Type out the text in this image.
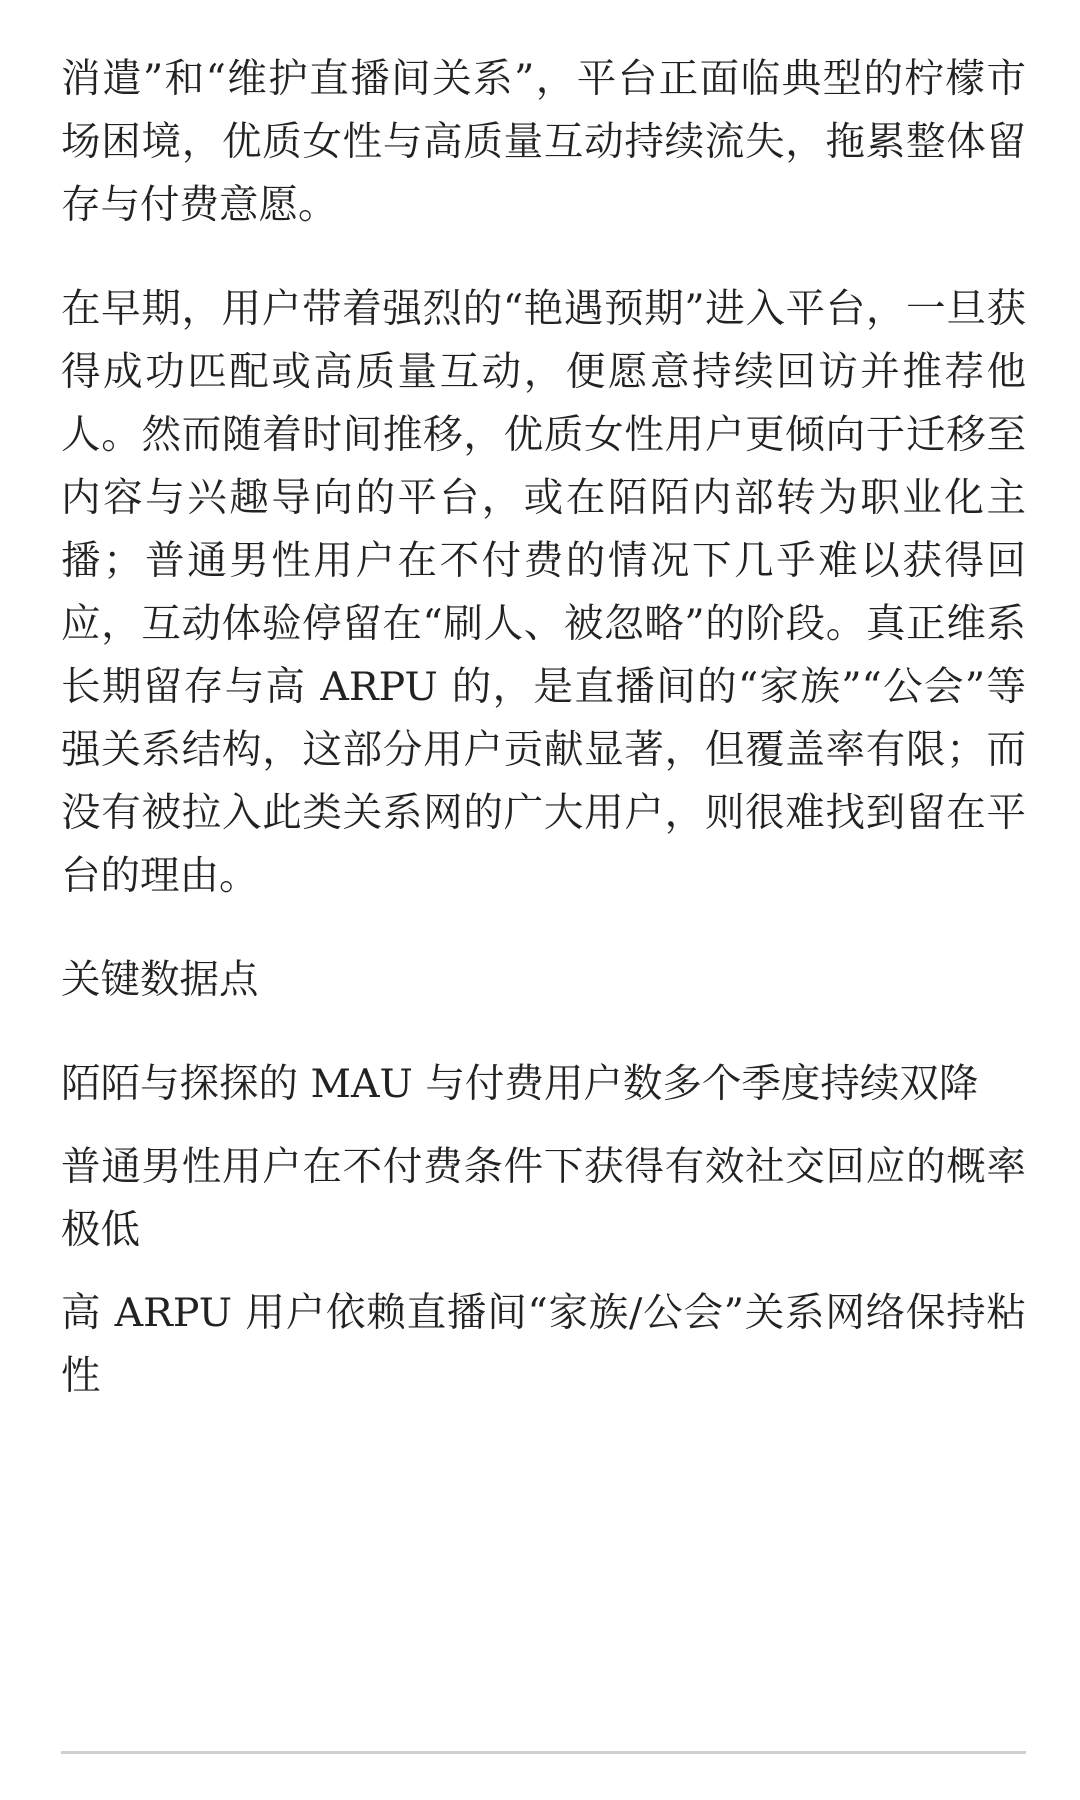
消遣”和“维护直播间关系”，平台正面临典型的柠檬市场困境，优质女性与高质量互动持续流失，拖累整体留存与付费意愿。

在早期，用户带着强烈的“艳遇预期”进入平台，一旦获得成功匹配或高质量互动，便愿意持续回访并推荐他人。然而随着时间推移，优质女性用户更倾向于迁移至内容与兴趣导向的平台，或在陌陌内部转为职业化主播；普通男性用户在不付费的情况下几乎难以获得回应，互动体验停留在“刷人、被忽略”的阶段。真正维系长期留存与高 ARPU 的，是直播间的“家族”“公会”等强关系结构，这部分用户贡献显著，但覆盖率有限；而没有被拉入此类关系网的广大用户，则很难找到留在平台的理由。

关键数据点

陌陌与探探的 MAU 与付费用户数多个季度持续双降

普通男性用户在不付费条件下获得有效社交回应的概率极低

高 ARPU 用户依赖直播间“家族/公会”关系网络保持粘性
